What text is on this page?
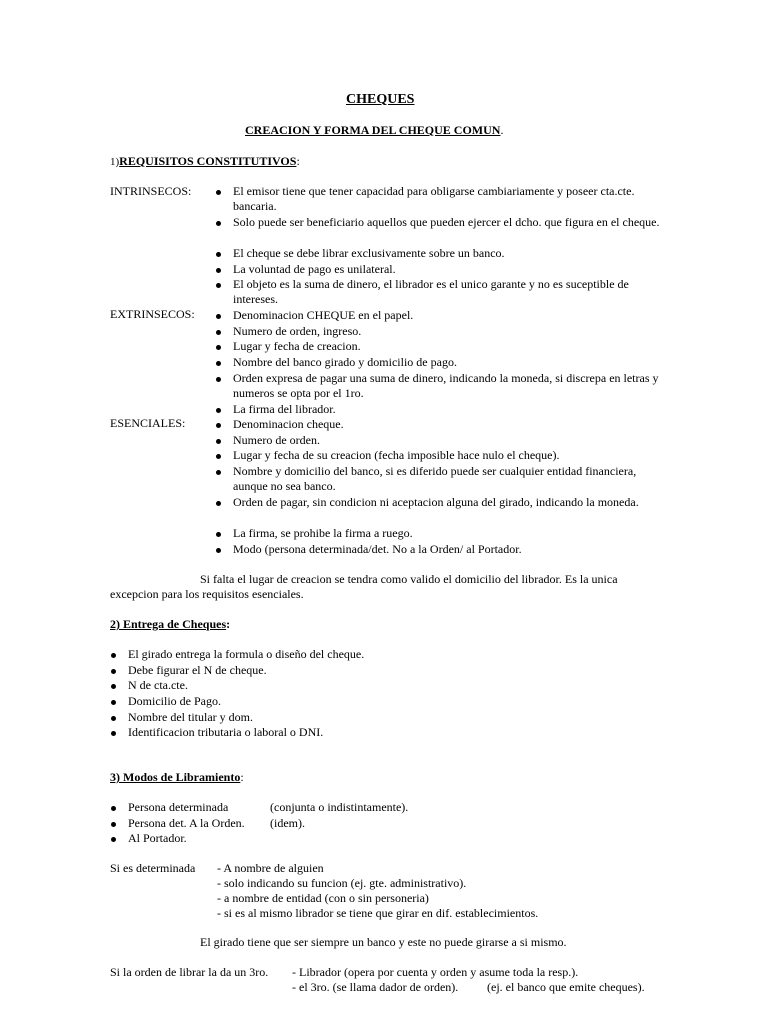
CHEQUES
CREACION Y FORMA DEL CHEQUE COMUN.
1)REQUISITOS CONSTITUTIVOS:
INTRINSECOS:	El emisor tiene que tener capacidad para obligarse cambiariamente y poseer cta.cte. bancaria.
Solo puede ser beneficiario aquellos que pueden ejercer el dcho. que figura en el cheque.
El cheque se debe librar exclusivamente sobre un banco.
La voluntad de pago es unilateral.
El objeto es la suma de dinero, el librador es el unico garante y no es suceptible de intereses.
EXTRINSECOS:	Denominacion CHEQUE en el papel.
Numero de orden, ingreso.
Lugar y fecha de creacion.
Nombre del banco girado y domicilio de pago.
Orden expresa de pagar una suma de dinero, indicando la moneda, si discrepa en letras y numeros se opta por el 1ro.
La firma del librador.
ESENCIALES:	Denominacion cheque.
Numero de orden.
Lugar y fecha de su creacion (fecha imposible hace nulo el cheque).
Nombre y domicilio del banco, si es diferido puede ser cualquier entidad financiera, aunque no sea banco.
Orden de pagar, sin condicion ni aceptacion alguna del girado, indicando la moneda.
La firma, se prohibe la firma a ruego.
Modo (persona determinada/det. No a la Orden/ al Portador.
Si falta el lugar de creacion se tendra como valido el domicilio del librador. Es la unica
excepcion para los requisitos esenciales.
2) Entrega de Cheques:
El girado entrega la formula o diseño del cheque.
Debe figurar el N de cheque.
N de cta.cte.
Domicilio de Pago.
Nombre del titular y dom.
Identificacion tributaria o laboral o DNI.
3) Modos de Libramiento:
Persona determinada	(conjunta o indistintamente).
Persona det. A la Orden. (idem).
Al Portador.
Si es determinada - A nombre de alguien
- solo indicando su funcion (ej. gte. administrativo).
- a nombre de entidad (con o sin personeria)
- si es al mismo librador se tiene que girar en dif. establecimientos.
El girado tiene que ser siempre un banco y este no puede girarse a si mismo.
Si la orden de librar la da un 3ro. - Librador (opera por cuenta y orden y asume toda la resp.).
- el 3ro. (se llama dador de orden). (ej. el banco que emite cheques).
